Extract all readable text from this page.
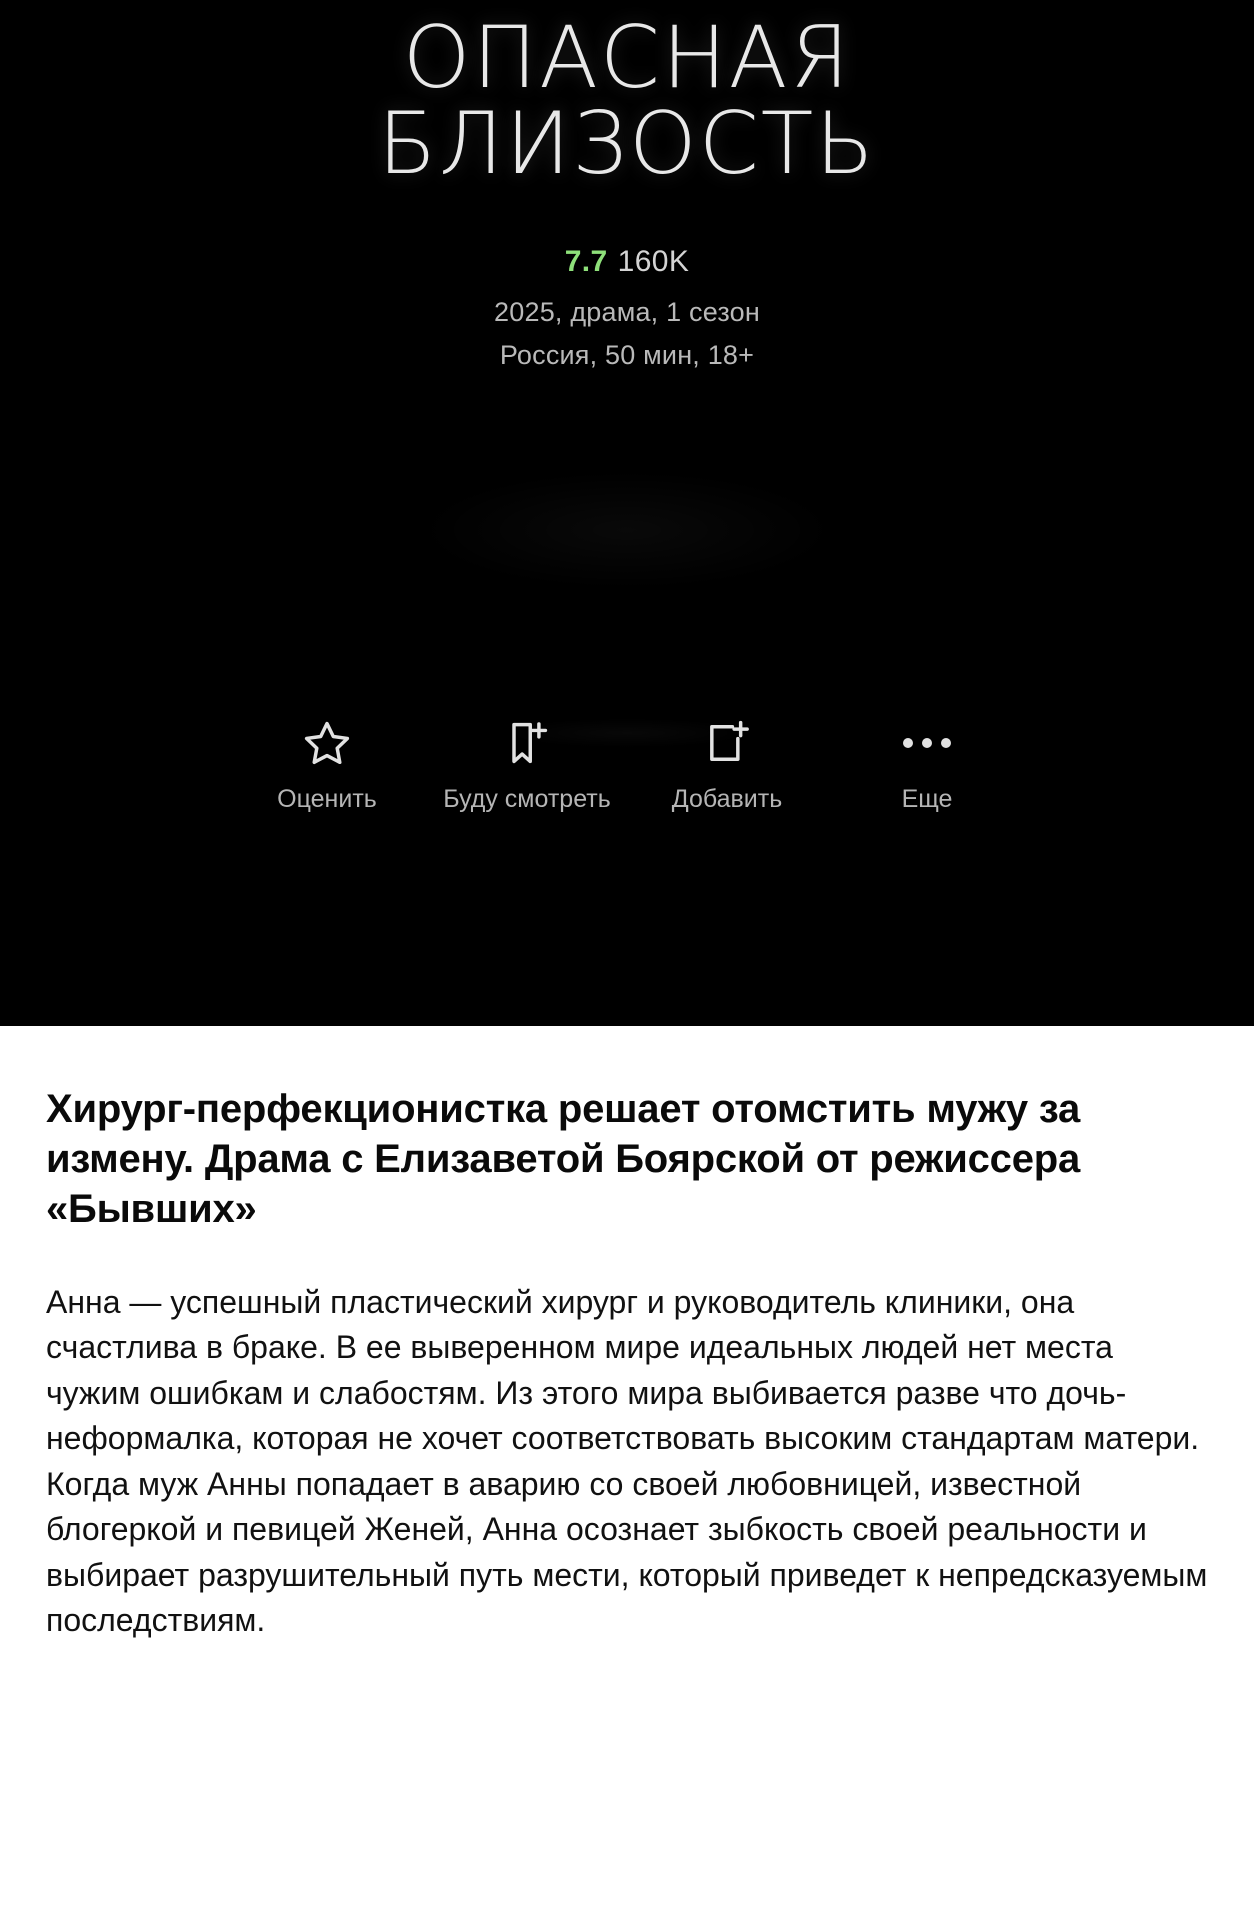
ОПАСНАЯ
БЛИЗОСТЬ
7.7 160K
2025, драма, 1 сезон
Россия, 50 мин, 18+
Оценить	Буду смотреть Добавить	Еще
Хирург-перфекционистка решает отомстить мужу за измену. Драма с Елизаветой Боярской от режиссера «Бывших»

Анна — успешный пластический хирург и руководитель клиники, она счастлива в браке. В ее выверенном мире идеальных людей нет места чужим ошибкам и слабостям. Из этого мира выбивается разве что дочь-неформалка, которая не хочет соответствовать высоким стандартам матери. Когда муж Анны попадает в аварию со своей любовницей, известной блогеркой и певицей Женей, Анна осознает зыбкость своей реальности и выбирает разрушительный путь мести, который приведет к непредсказуемым последствиям.
